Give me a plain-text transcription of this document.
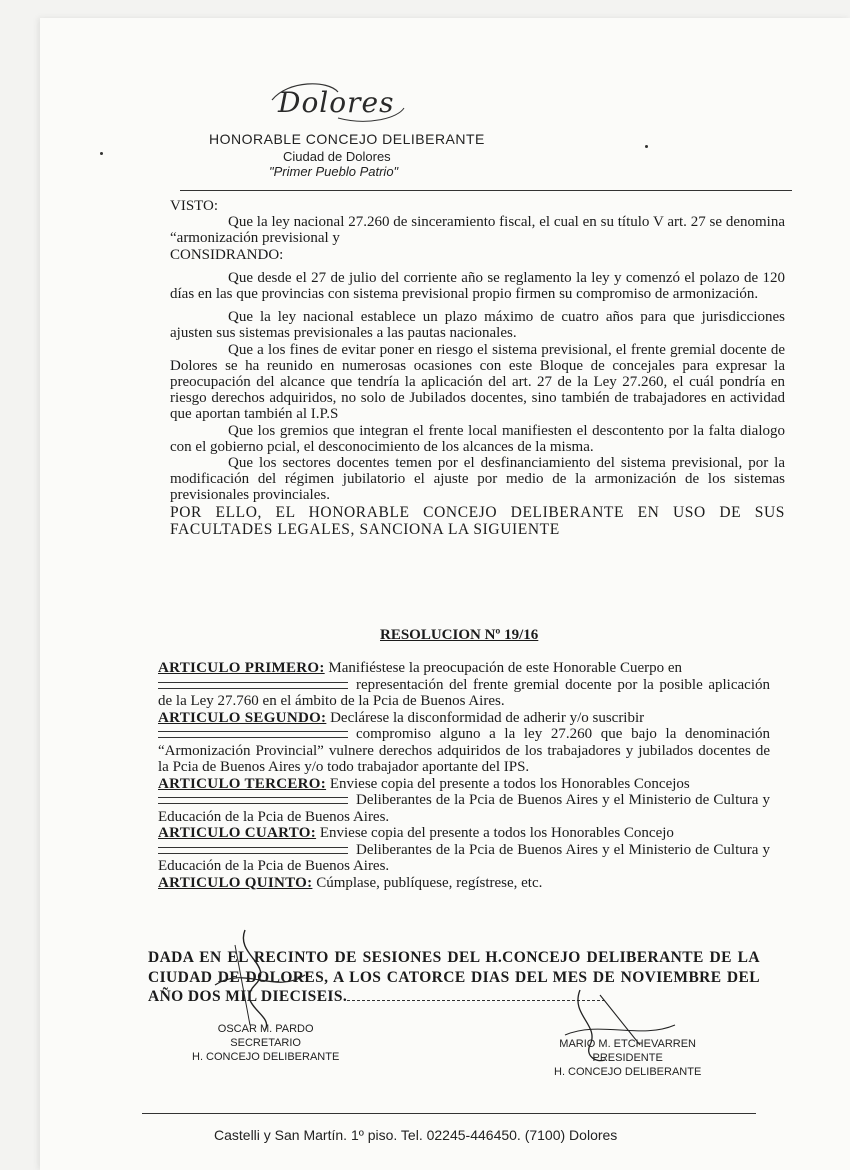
Dolores
HONORABLE CONCEJO DELIBERANTE
Ciudad de Dolores
"Primer Pueblo Patrio"

VISTO:

Que la ley nacional 27.260 de sinceramiento fiscal, el cual en su título V art. 27 se denomina “armonización previsional y

CONSIDRANDO:

Que desde el 27 de julio del corriente año se reglamento la ley y comenzó el polazo de 120 días en las que provincias con sistema previsional propio firmen su compromiso de armonización.

Que la ley nacional establece un plazo máximo de cuatro años para que jurisdicciones ajusten sus sistemas previsionales a las pautas nacionales.

Que a los fines de evitar poner en riesgo el sistema previsional, el frente gremial docente de Dolores se ha reunido en numerosas ocasiones con este Bloque de concejales para expresar la preocupación del alcance que tendría la aplicación del art. 27 de la Ley 27.260, el cuál pondría en riesgo derechos adquiridos, no solo de Jubilados docentes, sino también de trabajadores en actividad que aportan también al I.P.S

Que los gremios que integran el frente local manifiesten el descontento por la falta dialogo con el gobierno pcial, el desconocimiento de los alcances de la misma.

Que los sectores docentes temen por el desfinanciamiento del sistema previsional, por la modificación del régimen jubilatorio el ajuste por medio de la armonización de los sistemas previsionales provinciales.

POR ELLO, EL HONORABLE CONCEJO DELIBERANTE EN USO DE SUS FACULTADES LEGALES, SANCIONA LA SIGUIENTE

RESOLUCION Nº 19/16

ARTICULO PRIMERO: Manifiéstese la preocupación de este Honorable Cuerpo en
representación del frente gremial docente por la posible aplicación de la Ley 27.760 en el ámbito de la Pcia de Buenos Aires.

ARTICULO SEGUNDO: Declárese la disconformidad de adherir y/o suscribir
compromiso alguno a la ley 27.260 que bajo la denominación “Armonización Provincial” vulnere derechos adquiridos de los trabajadores y jubilados docentes de la Pcia de Buenos Aires y/o todo trabajador aportante del IPS.

ARTICULO TERCERO: Enviese copia del presente a todos los Honorables Concejos
Deliberantes de la Pcia de Buenos Aires y el Ministerio de Cultura y Educación de la Pcia de Buenos Aires.

ARTICULO CUARTO: Enviese copia del presente a todos los Honorables Concejo
Deliberantes de la Pcia de Buenos Aires y el Ministerio de Cultura y Educación de la Pcia de Buenos Aires.

ARTICULO QUINTO: Cúmplase, publíquese, regístrese, etc.

DADA EN EL RECINTO DE SESIONES DEL H.CONCEJO DELIBERANTE DE LA CIUDAD DE DOLORES, A LOS CATORCE DIAS DEL MES DE NOVIEMBRE DEL AÑO DOS MIL DIECISEIS.
OSCAR M. PARDO
SECRETARIO
H. CONCEJO DELIBERANTE
MARIO M. ETCHEVARREN
PRESIDENTE
H. CONCEJO DELIBERANTE
Castelli y San Martín. 1º piso. Tel. 02245-446450. (7100) Dolores
